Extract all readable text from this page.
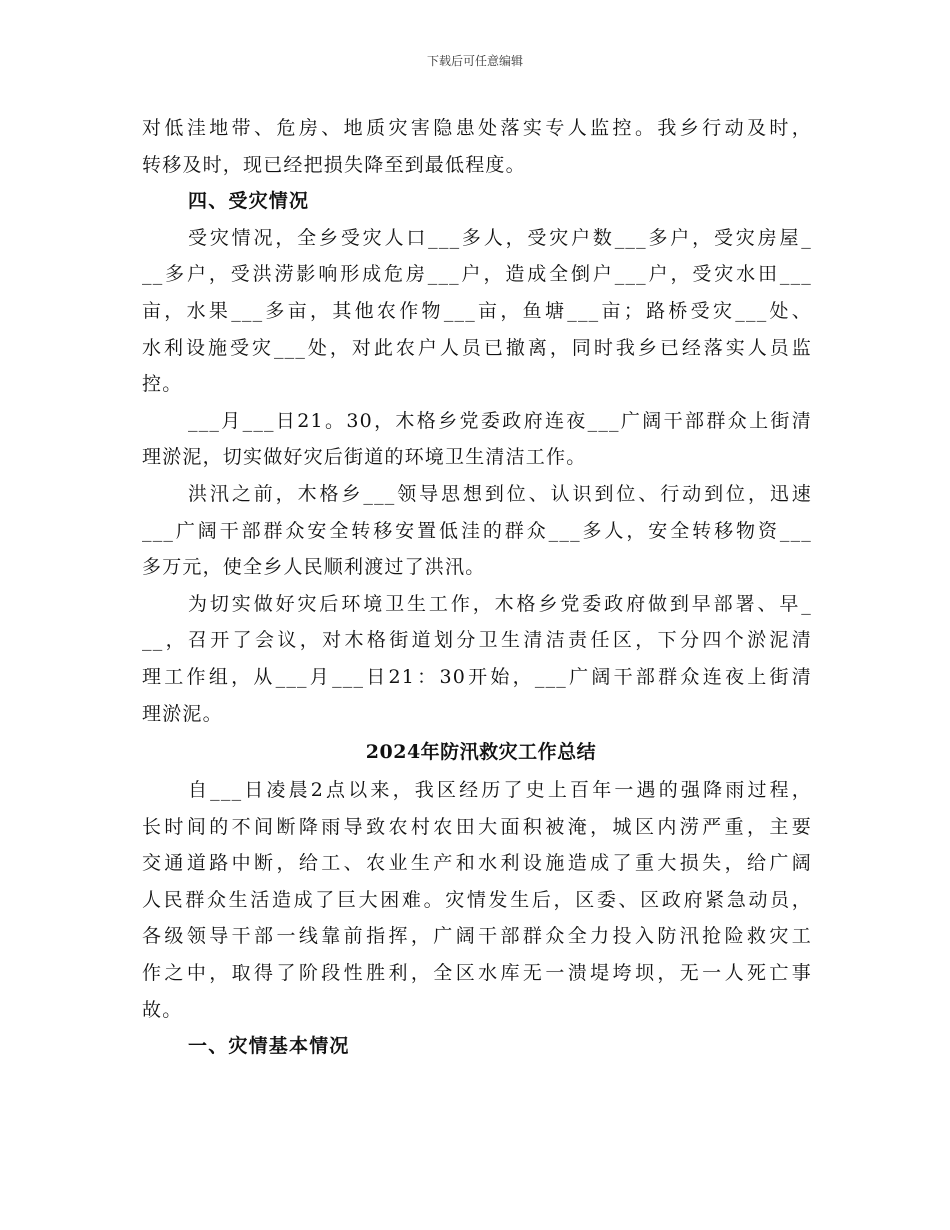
下载后可任意编辑
对低洼地带、危房、地质灾害隐患处落实专人监控。我乡行动及时，
转移及时，现已经把损失降至到最低程度。
四、受灾情况
受灾情况，全乡受灾人口___多人，受灾户数___多户，受灾房屋_
__多户，受洪涝影响形成危房___户，造成全倒户___户，受灾水田___
亩，水果___多亩，其他农作物___亩，鱼塘___亩；路桥受灾___处、
水利设施受灾___处，对此农户人员已撤离，同时我乡已经落实人员监
控。
___月___日21。30，木格乡党委政府连夜___广阔干部群众上街清
理淤泥，切实做好灾后街道的环境卫生清洁工作。
洪汛之前，木格乡___领导思想到位、认识到位、行动到位，迅速
___广阔干部群众安全转移安置低洼的群众___多人，安全转移物资___
多万元，使全乡人民顺利渡过了洪汛。
为切实做好灾后环境卫生工作，木格乡党委政府做到早部署、早_
__，召开了会议，对木格街道划分卫生清洁责任区，下分四个淤泥清
理工作组，从___月___日21：30开始，___广阔干部群众连夜上街清
理淤泥。
2024年防汛救灾工作总结
自___日凌晨2点以来，我区经历了史上百年一遇的强降雨过程，
长时间的不间断降雨导致农村农田大面积被淹，城区内涝严重，主要
交通道路中断，给工、农业生产和水利设施造成了重大损失，给广阔
人民群众生活造成了巨大困难。灾情发生后，区委、区政府紧急动员，
各级领导干部一线靠前指挥，广阔干部群众全力投入防汛抢险救灾工
作之中，取得了阶段性胜利，全区水库无一溃堤垮坝，无一人死亡事
故。
一、灾情基本情况
